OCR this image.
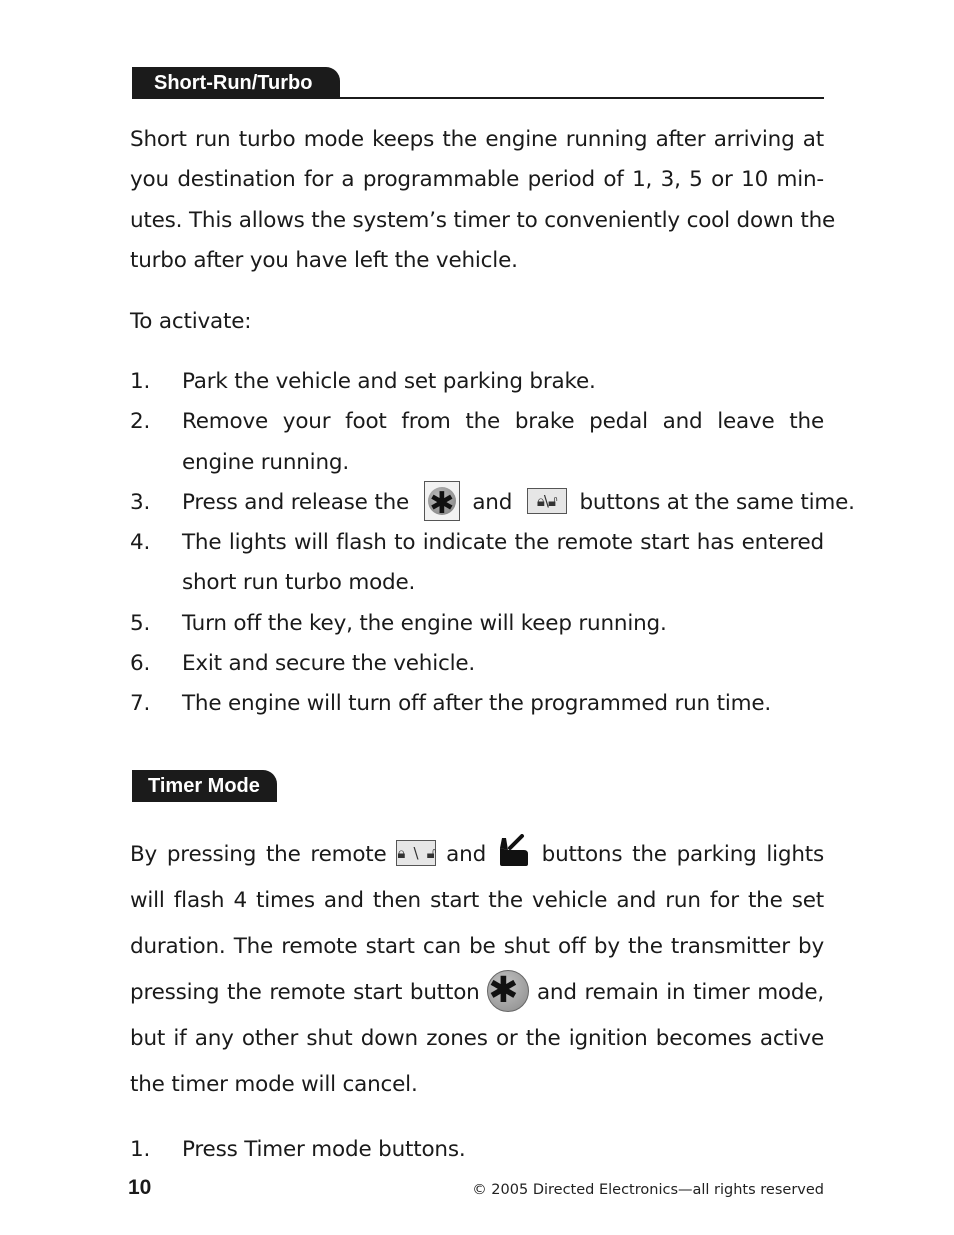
Short-Run/Turbo

Short run turbo mode keeps the engine running after arriving at
you destination for a programmable period of 1, 3, 5 or 10 min-
utes. This allows the system’s timer to conveniently cool down the
turbo after you have left the vehicle.

To activate:
1. Park the vehicle and set parking brake.
2. Remove your foot from the brake pedal and leave the engine running.
3. Press and release the ✱ and 🔒︎\🔓︎ buttons at the same time.
4. The lights will flash to indicate the remote start has entered short run turbo mode.
5. Turn off the key, the engine will keep running.
6. Exit and secure the vehicle.
7. The engine will turn off after the programmed run time.
Timer Mode

By pressing the remote 🔒︎\🔓︎ and	buttons the parking lights
will flash 4 times and then start the vehicle and run for the set
duration. The remote start can be shut off by the transmitter by
pressing the remote start button ✱ and remain in timer mode,
but if any other shut down zones or the ignition becomes active
the timer mode will cancel.

1. Press Timer mode buttons.
10	© 2005 Directed Electronics—all rights reserved
